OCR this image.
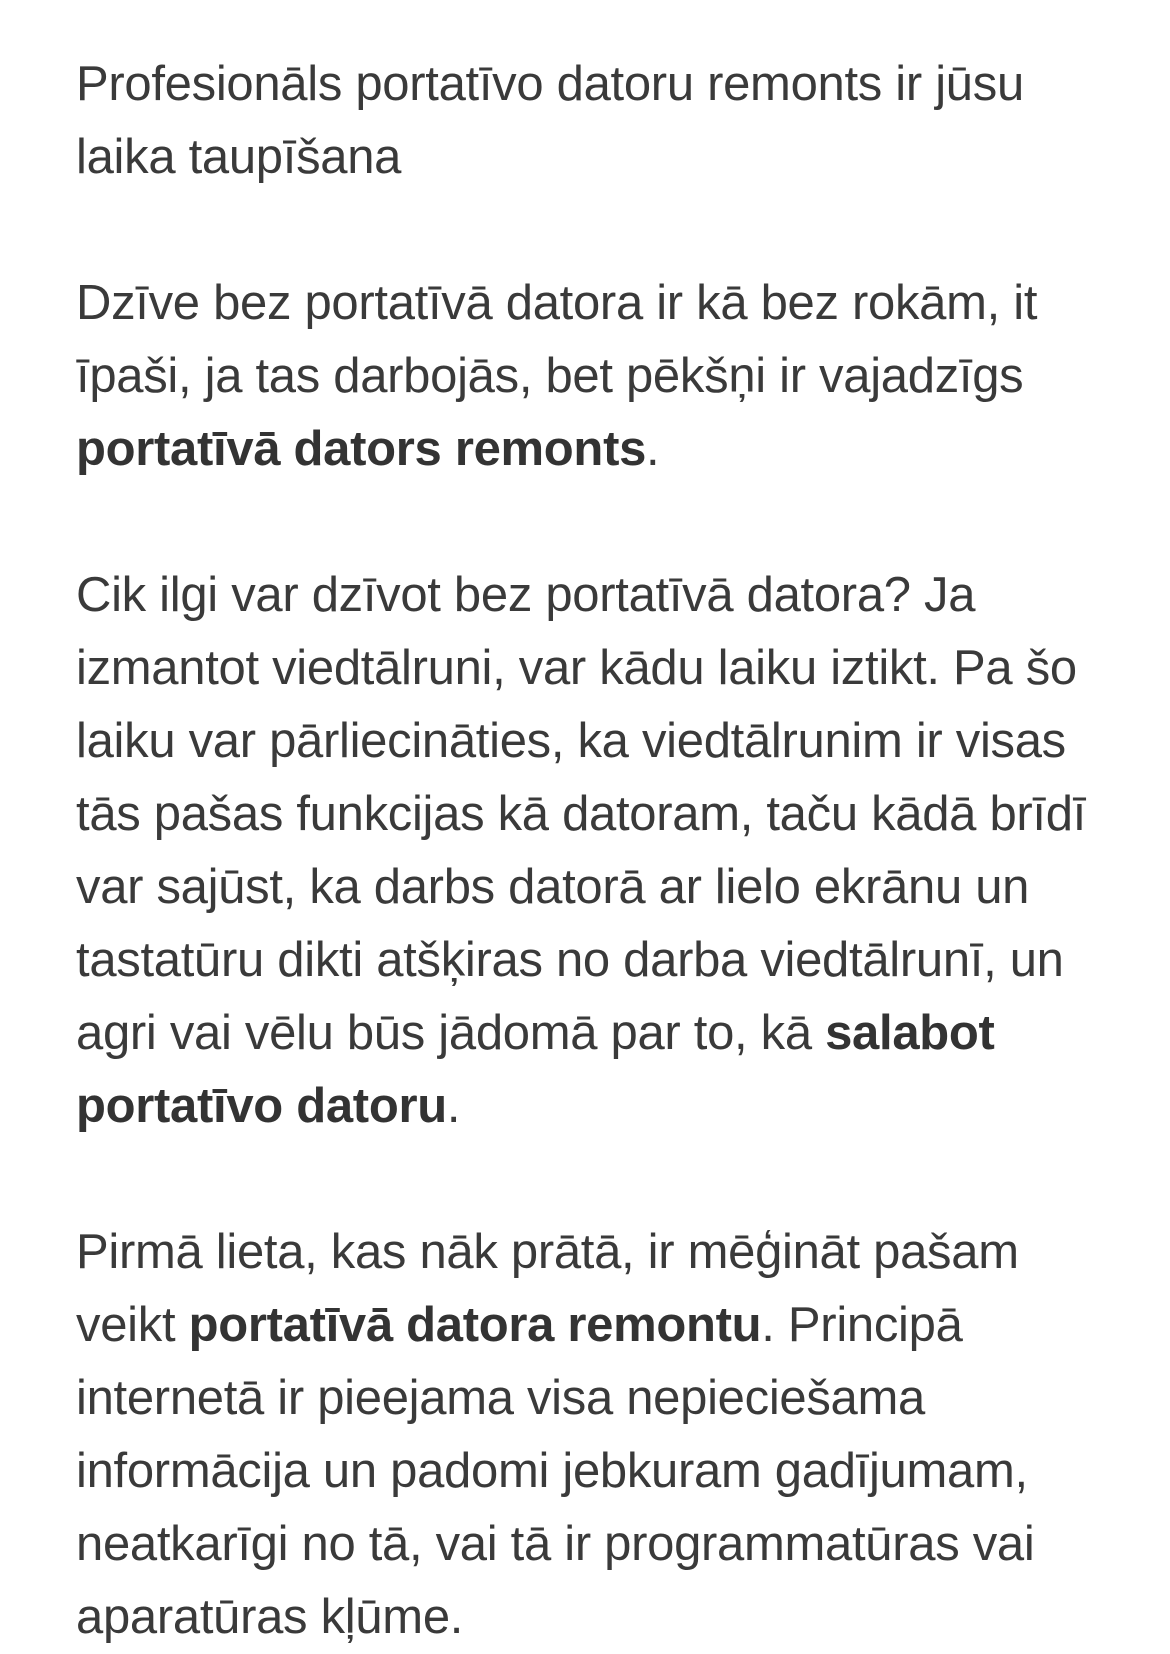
Profesionāls portatīvo datoru remonts ir jūsu laika taupīšana

Dzīve bez portatīvā datora ir kā bez rokām, it īpaši, ja tas darbojās, bet pēkšņi ir vajadzīgs portatīvā dators remonts.

Cik ilgi var dzīvot bez portatīvā datora? Ja izmantot viedtālruni, var kādu laiku iztikt. Pa šo laiku var pārliecināties, ka viedtālrunim ir visas tās pašas funkcijas kā datoram, taču kādā brīdī var sajūst, ka darbs datorā ar lielo ekrānu un tastatūru dikti atšķiras no darba viedtālrunī, un agri vai vēlu būs jādomā par to, kā salabot portatīvo datoru.

Pirmā lieta, kas nāk prātā, ir mēģināt pašam veikt portatīvā datora remontu. Principā internetā ir pieejama visa nepieciešama informācija un padomi jebkuram gadījumam, neatkarīgi no tā, vai tā ir programmatūras vai aparatūras kļūme.
